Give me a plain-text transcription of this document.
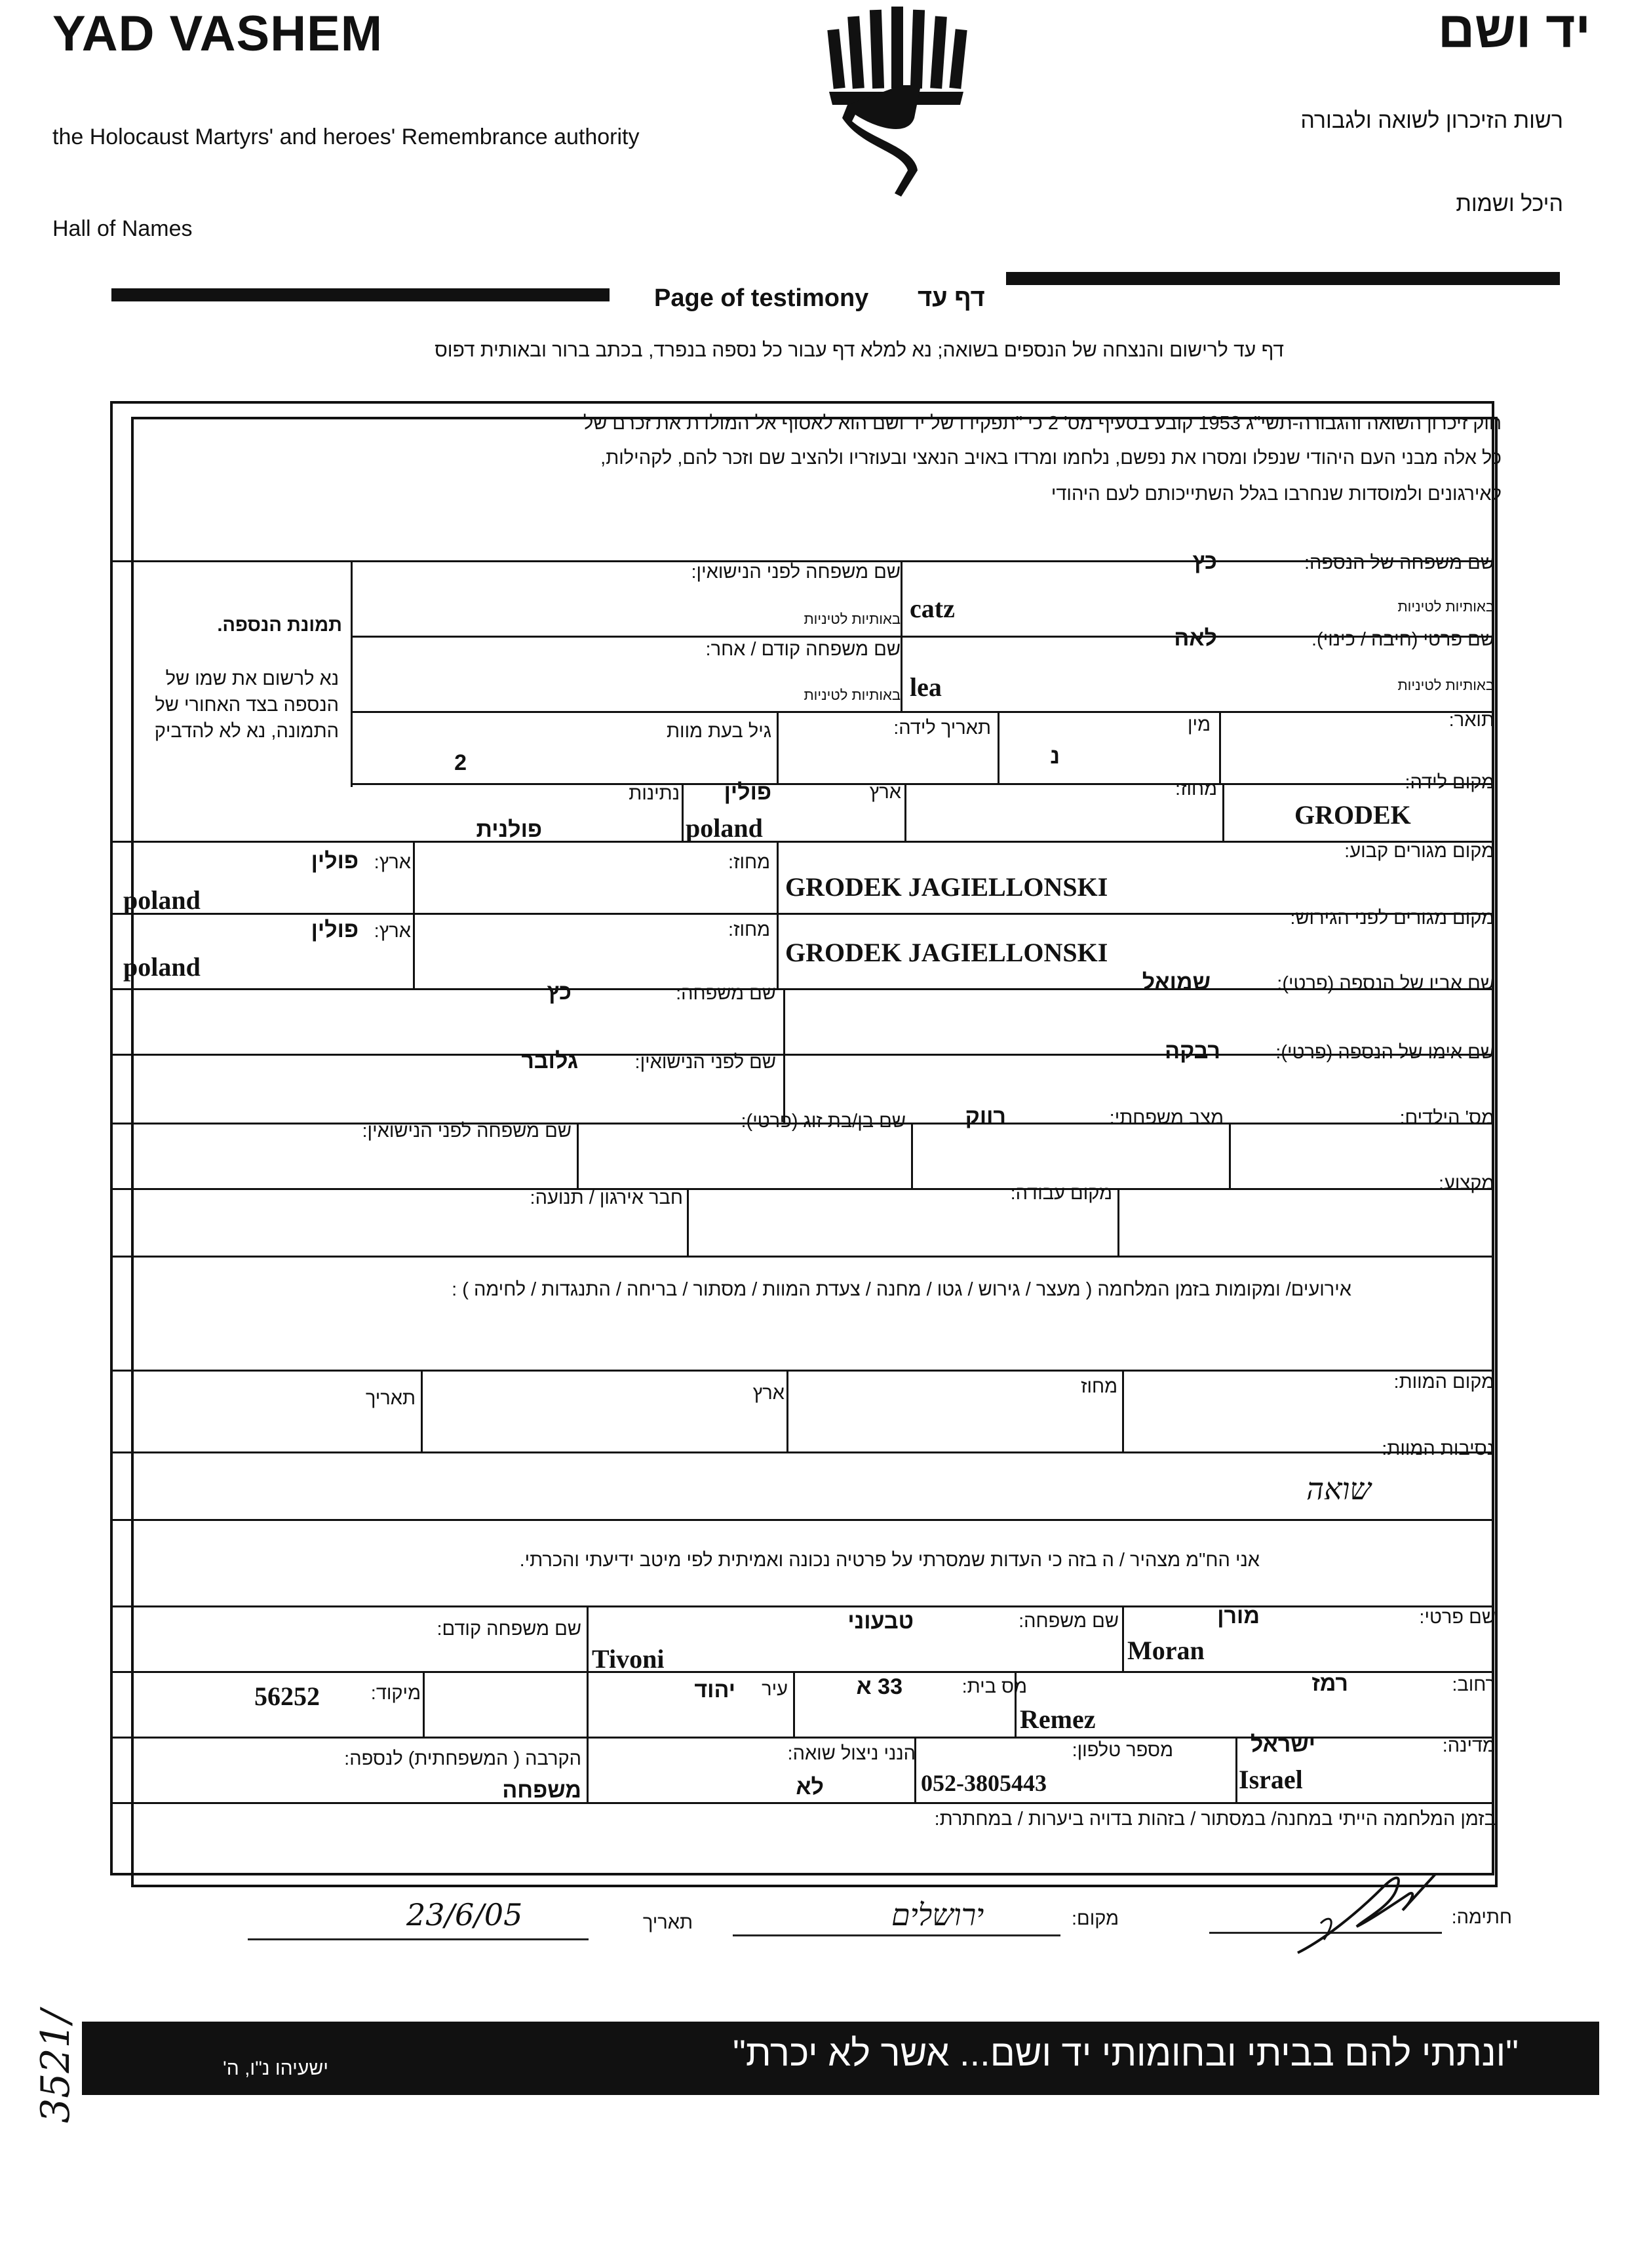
YAD VASHEM
the Holocaust Martyrs' and heroes' Remembrance authority
Hall of Names
יד ושם
רשות הזיכרון לשואה ולגבורה
היכל ושמות
Page of testimony דף עד
דף עד לרישום והנצחה של הנספים בשואה; נא למלא דף עבור כל נספה בנפרד, בכתב ברור ובאותית דפוס
חוק זיכרון השואה והגבורה-תשי"ג 1953 קובע בסעיף מס' 2 כי "תפקידו של יד ושם הוא לאסוף אל המולדת את זכרם של
כל אלה מבני העם היהודי שנפלו ומסרו את נפשם, נלחמו ומרדו באויב הנאצי ובעוזריו ולהציב שם וזכר להם, לקהילות,
לאירגונים ולמוסדות שנחרבו בגלל השתייכותם לעם היהודי
תמונת הנספה.
נא לרשום את שמו של
הנספה בצד האחורי של
התמונה, נא לא להדביק
שם משפחה של הנספה:
כץ
באותיות לטיניות
catz
שם משפחה לפני הנישואין:
באותיות לטיניות
שם פרטי (חיבה / כינוי):
לאה
באותיות לטיניות
lea
שם משפחה קודם / אחר:
באותיות לטיניות
תואר:
מין
נ
תאריך לידה:
גיל בעת מוות
2
מקום לידה:
GRODEK
מחוז:
ארץ
פולין
poland
נתינות
פולנית
מקום מגורים קבוע:
GRODEK JAGIELLONSKI
מחוז:
ארץ:
פולין
poland
מקום מגורים לפני הגירוש:
GRODEK JAGIELLONSKI
מחוז:
ארץ:
פולין
poland
שם אביו של הנספה (פרטי):
שמואל
שם משפחה:
כץ
שם אימו של הנספה (פרטי):
רבקה
שם לפני הנישואין:
גלובר
מס' הילדים:
מצב משפחתי:
רווק
שם בן/בת זוג (פרטי):
שם משפחה לפני הנישואין:
מקצוע:
מקום עבודה:
חבר אירגון / תנועה:
אירועים/ ומקומות בזמן המלחמה ( מעצר / גירוש / גטו / מחנה / צעדת המוות / מסתור / בריחה / התנגדות / לחימה ) :
מקום המוות:
מחוז
ארץ
תאריך
נסיבות המוות:
שואה
אני הח"מ מצהיר / ה בזה כי העדות שמסרתי על פרטיה נכונה ואמיתית לפי מיטב ידיעתי והכרתי.
שם פרטי:
מורן
Moran
שם משפחה:
טבעוני
Tivoni
שם משפחה קודם:
רחוב:
רמז
Remez
מס בית:
33 א
עיר
יהוד
מיקוד:
56252
מדינה:
ישראל
Israel
מספר טלפון:
052-3805443
הנני ניצול שואה:
לא
הקרבה ( המשפחתית) לנספה:
משפחה
בזמן המלחמה הייתי במחנה/ במסתור / בזהות בדויה ביערות / במחתרת:
חתימה:
מקום:
ירושלים
תאריך
23/6/05
"ונתתי להם בביתי ובחומותי יד ושם... אשר לא יכרת"
ישעיהו נ"ו, ה'
3521/
